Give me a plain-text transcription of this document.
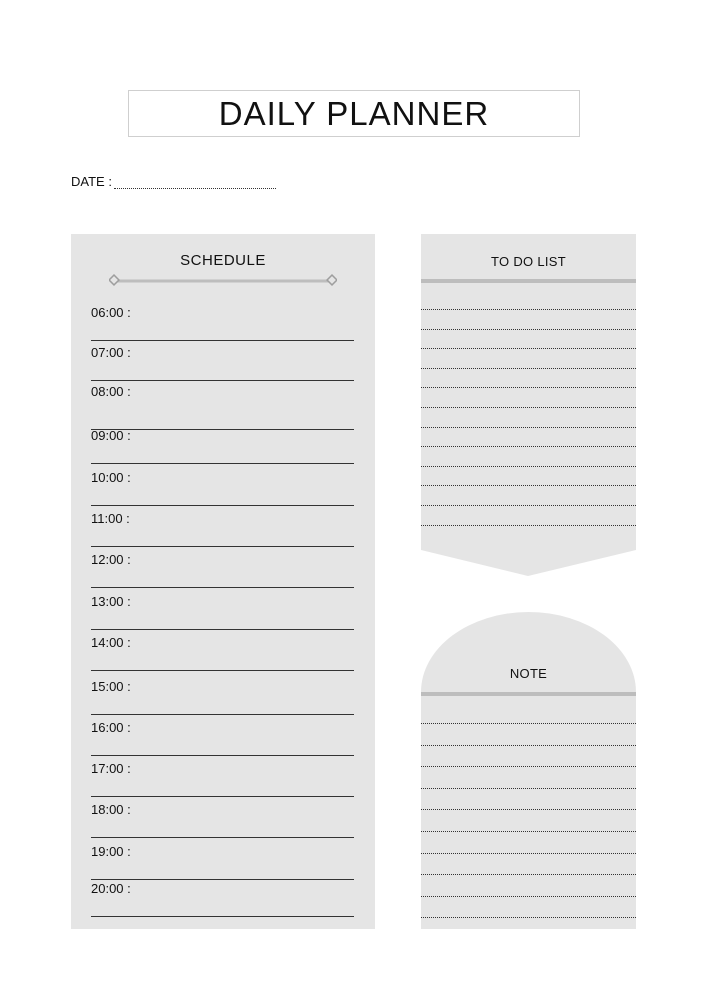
DAILY PLANNER
DATE :
SCHEDULE
06:00 :
07:00 :
08:00 :
09:00 :
10:00 :
11:00 :
12:00 :
13:00 :
14:00 :
15:00 :
16:00 :
17:00 :
18:00 :
19:00 :
20:00 :
TO DO LIST
NOTE
